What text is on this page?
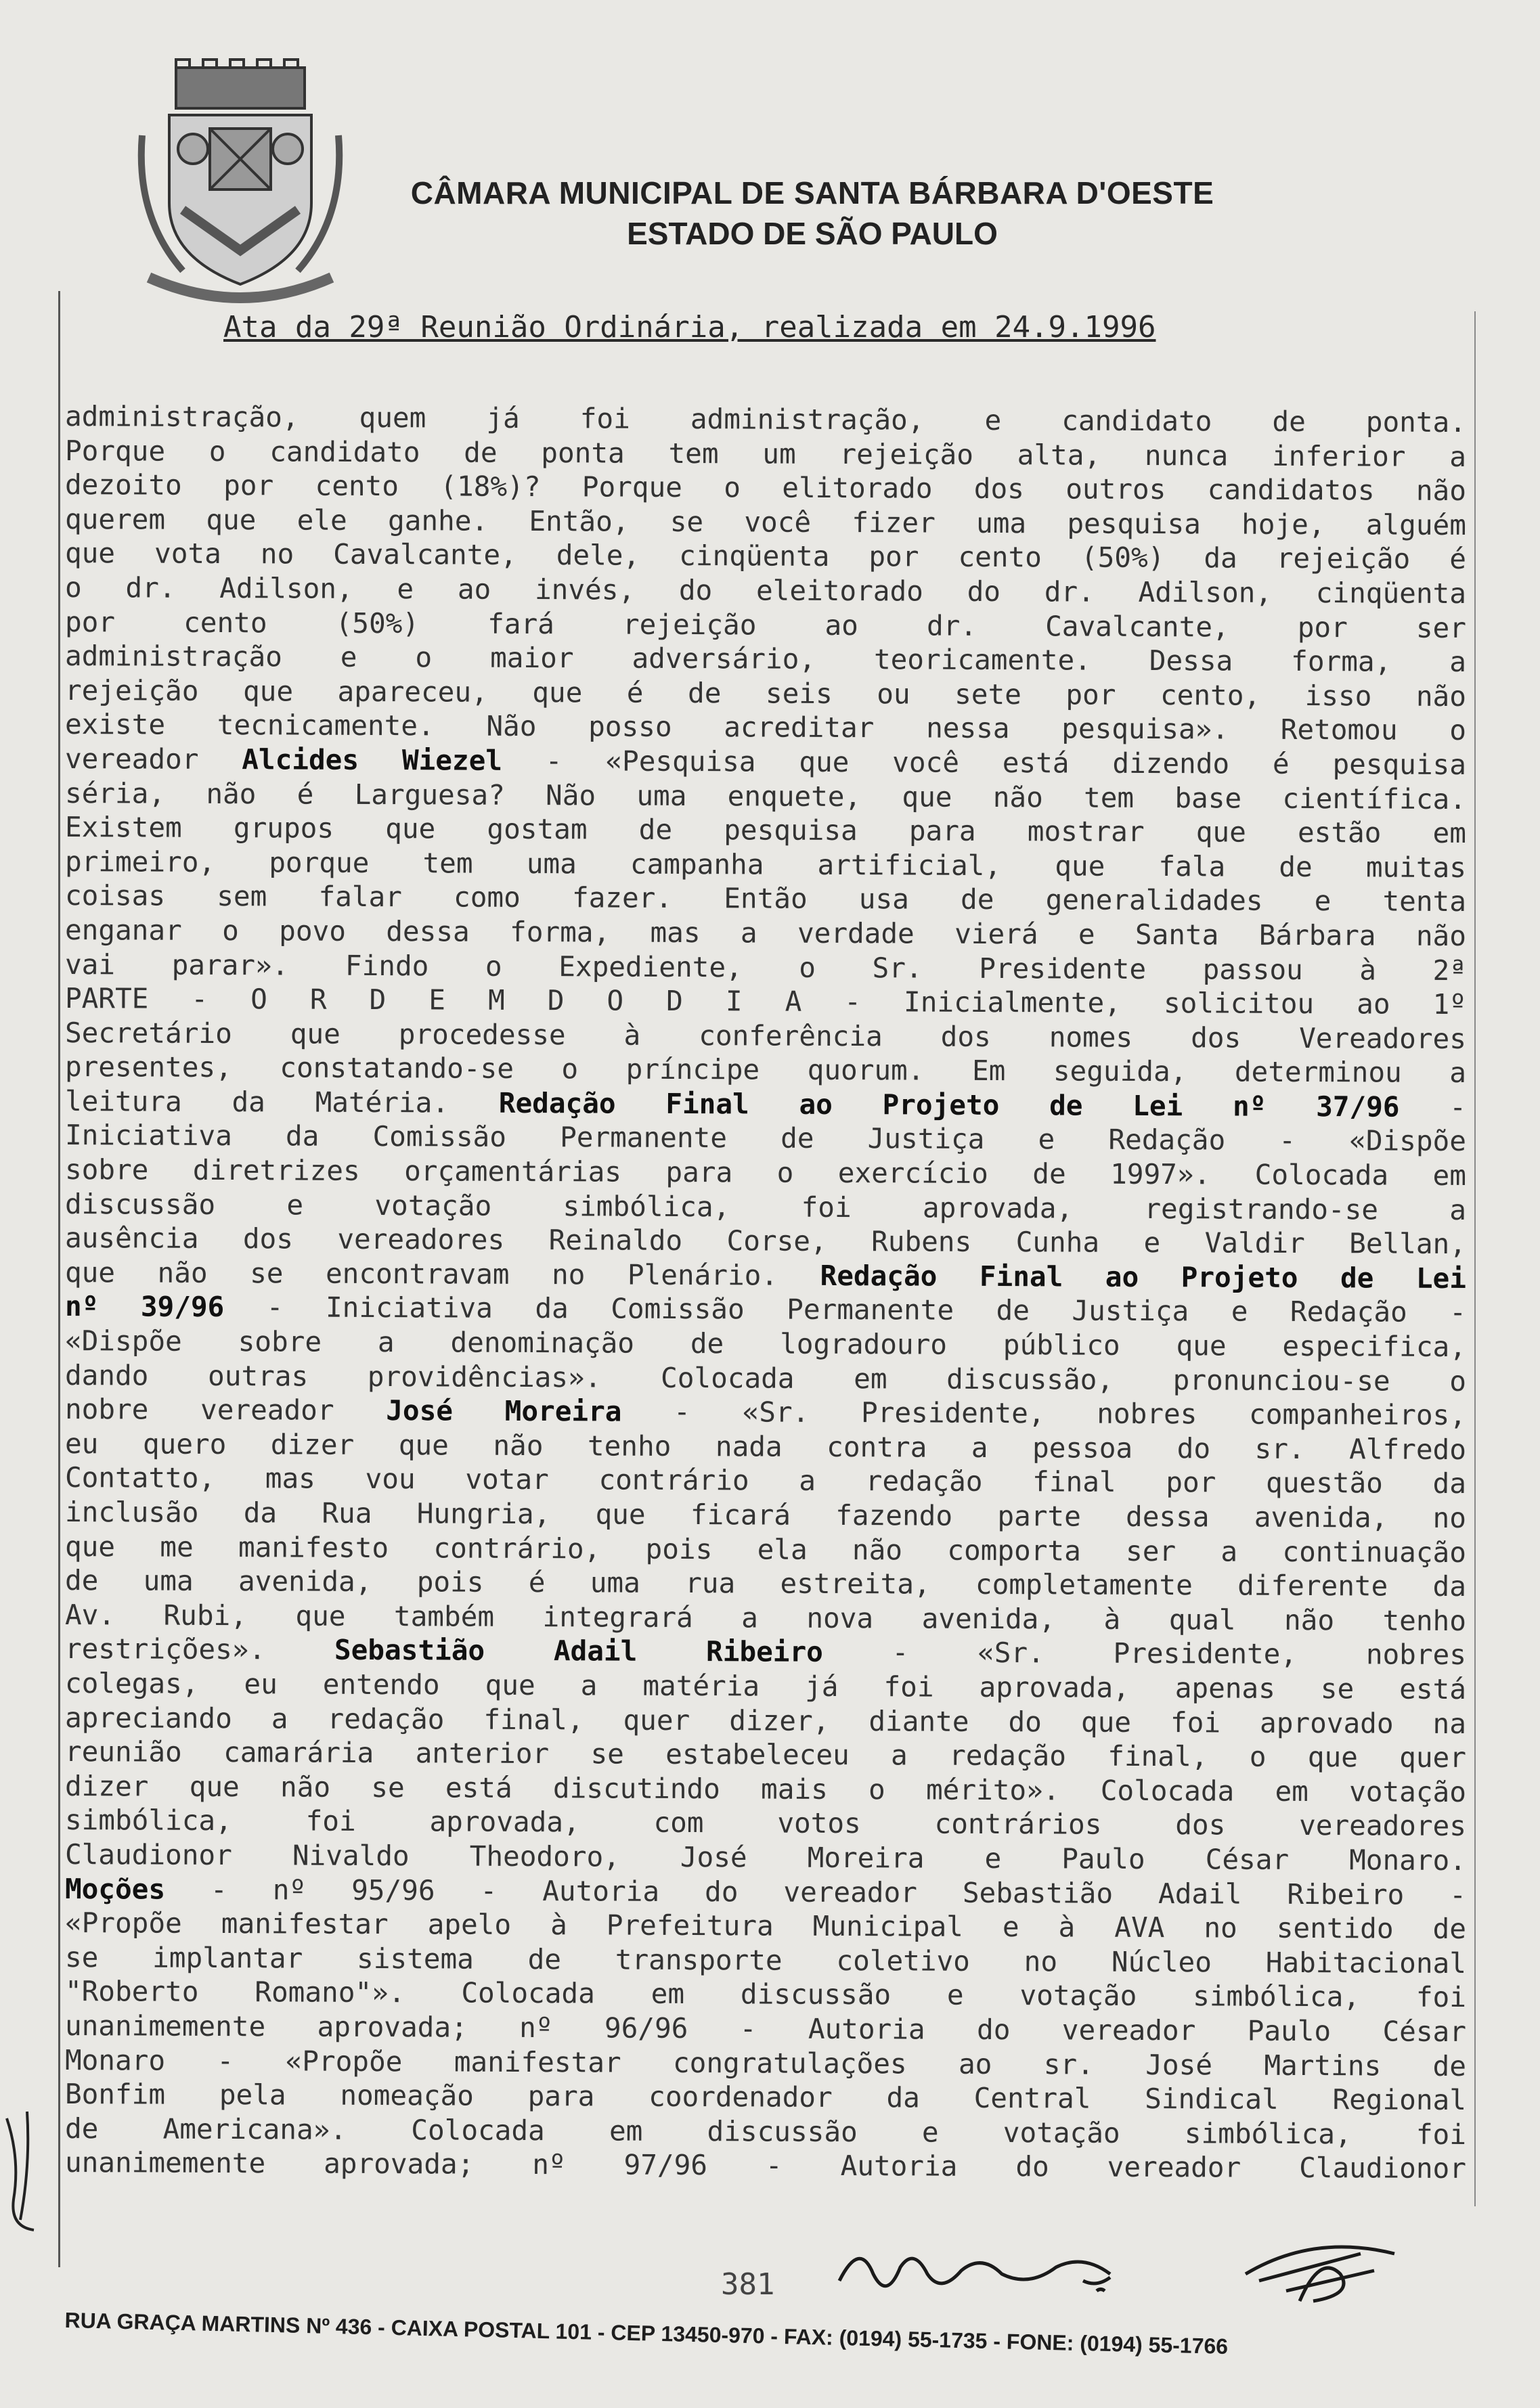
CÂMARA MUNICIPAL DE SANTA BÁRBARA D'OESTE
ESTADO DE SÃO PAULO
Ata da 29ª Reunião Ordinária, realizada em 24.9.1996
administração, quem já foi administração, e candidato de ponta.
Porque o candidato de ponta tem um rejeição alta, nunca inferior a
dezoito por cento (18%)? Porque o elitorado dos outros candidatos não
querem que ele ganhe. Então, se você fizer uma pesquisa hoje, alguém
que vota no Cavalcante, dele, cinqüenta por cento (50%) da rejeição é
o dr. Adilson, e ao invés, do eleitorado do dr. Adilson, cinqüenta
por cento (50%) fará rejeição ao dr. Cavalcante, por ser
administração e o maior adversário, teoricamente. Dessa forma, a
rejeição que apareceu, que é de seis ou sete por cento, isso não
existe tecnicamente. Não posso acreditar nessa pesquisa». Retomou o
vereador Alcides Wiezel - «Pesquisa que você está dizendo é pesquisa
séria, não é Larguesa? Não uma enquete, que não tem base científica.
Existem grupos que gostam de pesquisa para mostrar que estão em
primeiro, porque tem uma campanha artificial, que fala de muitas
coisas sem falar como fazer. Então usa de generalidades e tenta
enganar o povo dessa forma, mas a verdade vierá e Santa Bárbara não
vai parar». Findo o Expediente, o Sr. Presidente passou à 2ª
PARTE - O R D E M D O D I A - Inicialmente, solicitou ao 1º
Secretário que procedesse à conferência dos nomes dos Vereadores
presentes, constatando-se o príncipe quorum. Em seguida, determinou a
leitura da Matéria. Redação Final ao Projeto de Lei nº 37/96 -
Iniciativa da Comissão Permanente de Justiça e Redação - «Dispõe
sobre diretrizes orçamentárias para o exercício de 1997». Colocada em
discussão e votação simbólica, foi aprovada, registrando-se a
ausência dos vereadores Reinaldo Corse, Rubens Cunha e Valdir Bellan,
que não se encontravam no Plenário. Redação Final ao Projeto de Lei
nº 39/96 - Iniciativa da Comissão Permanente de Justiça e Redação -
«Dispõe sobre a denominação de logradouro público que especifica,
dando outras providências». Colocada em discussão, pronunciou-se o
nobre vereador José Moreira - «Sr. Presidente, nobres companheiros,
eu quero dizer que não tenho nada contra a pessoa do sr. Alfredo
Contatto, mas vou votar contrário a redação final por questão da
inclusão da Rua Hungria, que ficará fazendo parte dessa avenida, no
que me manifesto contrário, pois ela não comporta ser a continuação
de uma avenida, pois é uma rua estreita, completamente diferente da
Av. Rubi, que também integrará a nova avenida, à qual não tenho
restrições». Sebastião Adail Ribeiro - «Sr. Presidente, nobres
colegas, eu entendo que a matéria já foi aprovada, apenas se está
apreciando a redação final, quer dizer, diante do que foi aprovado na
reunião camarária anterior se estabeleceu a redação final, o que quer
dizer que não se está discutindo mais o mérito». Colocada em votação
simbólica, foi aprovada, com votos contrários dos vereadores
Claudionor Nivaldo Theodoro, José Moreira e Paulo César Monaro.
Moções - nº 95/96 - Autoria do vereador Sebastião Adail Ribeiro -
«Propõe manifestar apelo à Prefeitura Municipal e à AVA no sentido de
se implantar sistema de transporte coletivo no Núcleo Habitacional
"Roberto Romano"». Colocada em discussão e votação simbólica, foi
unanimemente aprovada; nº 96/96 - Autoria do vereador Paulo César
Monaro - «Propõe manifestar congratulações ao sr. José Martins de
Bonfim pela nomeação para coordenador da Central Sindical Regional
de Americana». Colocada em discussão e votação simbólica, foi
unanimemente aprovada; nº 97/96 - Autoria do vereador Claudionor
381
RUA GRAÇA MARTINS Nº 436 - CAIXA POSTAL 101 - CEP 13450-970 - FAX: (0194) 55-1735 - FONE: (0194) 55-1766
